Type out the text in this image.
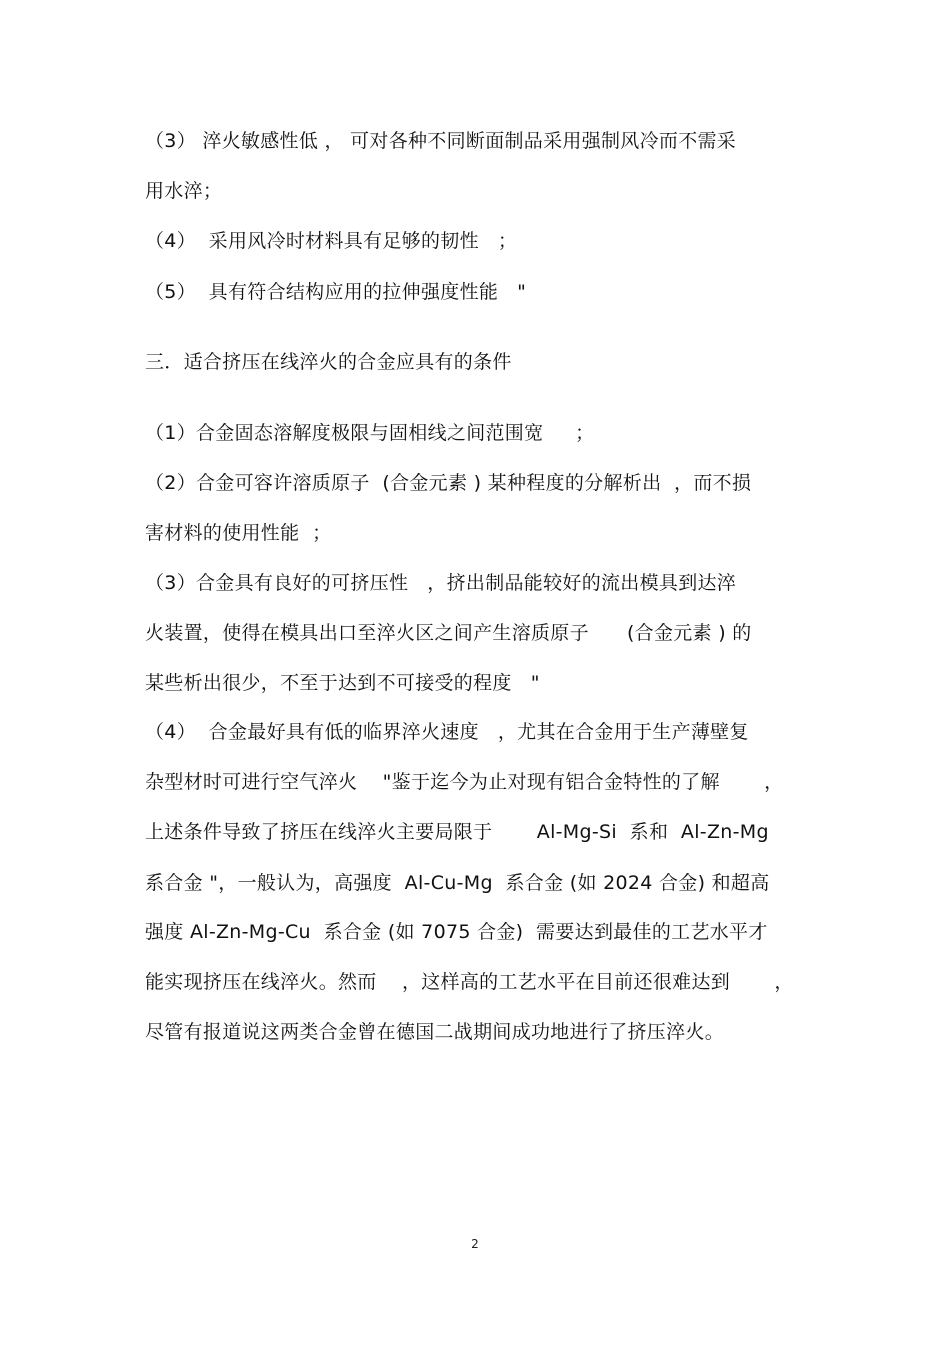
（3） 淬火敏感性低 ， 可对各种不同断面制品采用强制风冷而不需采
用水淬；
（4）  采用风冷时材料具有足够的韧性   ；
（5）  具有符合结构应用的拉伸强度性能   "
三．适合挤压在线淬火的合金应具有的条件
（1）合金固态溶解度极限与固相线之间范围宽     ；
（2）合金可容许溶质原子  (合金元素 ) 某种程度的分解析出  ，而不损
害材料的使用性能  ；
（3）合金具有良好的可挤压性   ，挤出制品能较好的流出模具到达淬
火装置，使得在模具出口至淬火区之间产生溶质原子      (合金元素 ) 的
某些析出很少，不至于达到不可接受的程度   "
（4）  合金最好具有低的临界淬火速度   ，尤其在合金用于生产薄壁复
杂型材时可进行空气淬火    "鉴于迄今为止对现有铝合金特性的了解       ，
上述条件导致了挤压在线淬火主要局限于       Al-Mg-Si  系和  Al-Zn-Mg
系合金 "，一般认为，高强度  Al-Cu-Mg  系合金 (如 2024 合金) 和超高
强度 Al-Zn-Mg-Cu  系合金 (如 7075 合金)  需要达到最佳的工艺水平才
能实现挤压在线淬火。然而    ，这样高的工艺水平在目前还很难达到       ，
尽管有报道说这两类合金曾在德国二战期间成功地进行了挤压淬火。
2
